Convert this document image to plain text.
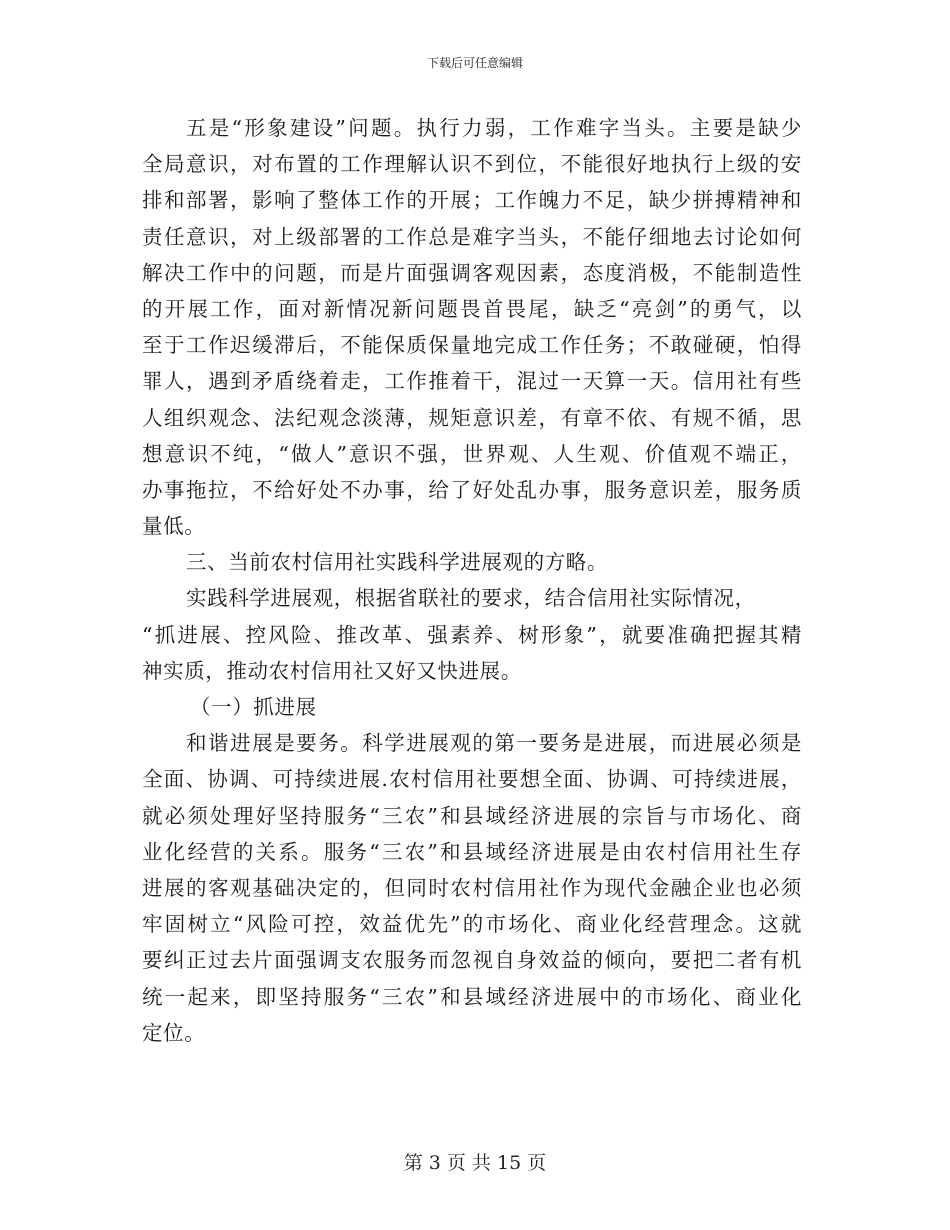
下载后可任意编辑
五是“形象建设”问题。执行力弱，工作难字当头。主要是缺少
全局意识，对布置的工作理解认识不到位，不能很好地执行上级的安
排和部署，影响了整体工作的开展；工作魄力不足，缺少拼搏精神和
责任意识，对上级部署的工作总是难字当头，不能仔细地去讨论如何
解决工作中的问题，而是片面强调客观因素，态度消极，不能制造性
的开展工作，面对新情况新问题畏首畏尾，缺乏“亮剑”的勇气，以
至于工作迟缓滞后，不能保质保量地完成工作任务；不敢碰硬，怕得
罪人，遇到矛盾绕着走，工作推着干，混过一天算一天。信用社有些
人组织观念、法纪观念淡薄，规矩意识差，有章不依、有规不循，思
想意识不纯，“做人”意识不强，世界观、人生观、价值观不端正，
办事拖拉，不给好处不办事，给了好处乱办事，服务意识差，服务质
量低。
三、当前农村信用社实践科学进展观的方略。
实践科学进展观，根据省联社的要求，结合信用社实际情况，
“抓进展、控风险、推改革、强素养、树形象”，就要准确把握其精
神实质，推动农村信用社又好又快进展。
（一）抓进展
和谐进展是要务。科学进展观的第一要务是进展，而进展必须是
全面、协调、可持续进展.农村信用社要想全面、协调、可持续进展，
就必须处理好坚持服务“三农”和县域经济进展的宗旨与市场化、商
业化经营的关系。服务“三农”和县域经济进展是由农村信用社生存
进展的客观基础决定的，但同时农村信用社作为现代金融企业也必须
牢固树立“风险可控，效益优先”的市场化、商业化经营理念。这就
要纠正过去片面强调支农服务而忽视自身效益的倾向，要把二者有机
统一起来，即坚持服务“三农”和县域经济进展中的市场化、商业化
定位。
第 3 页 共 15 页
